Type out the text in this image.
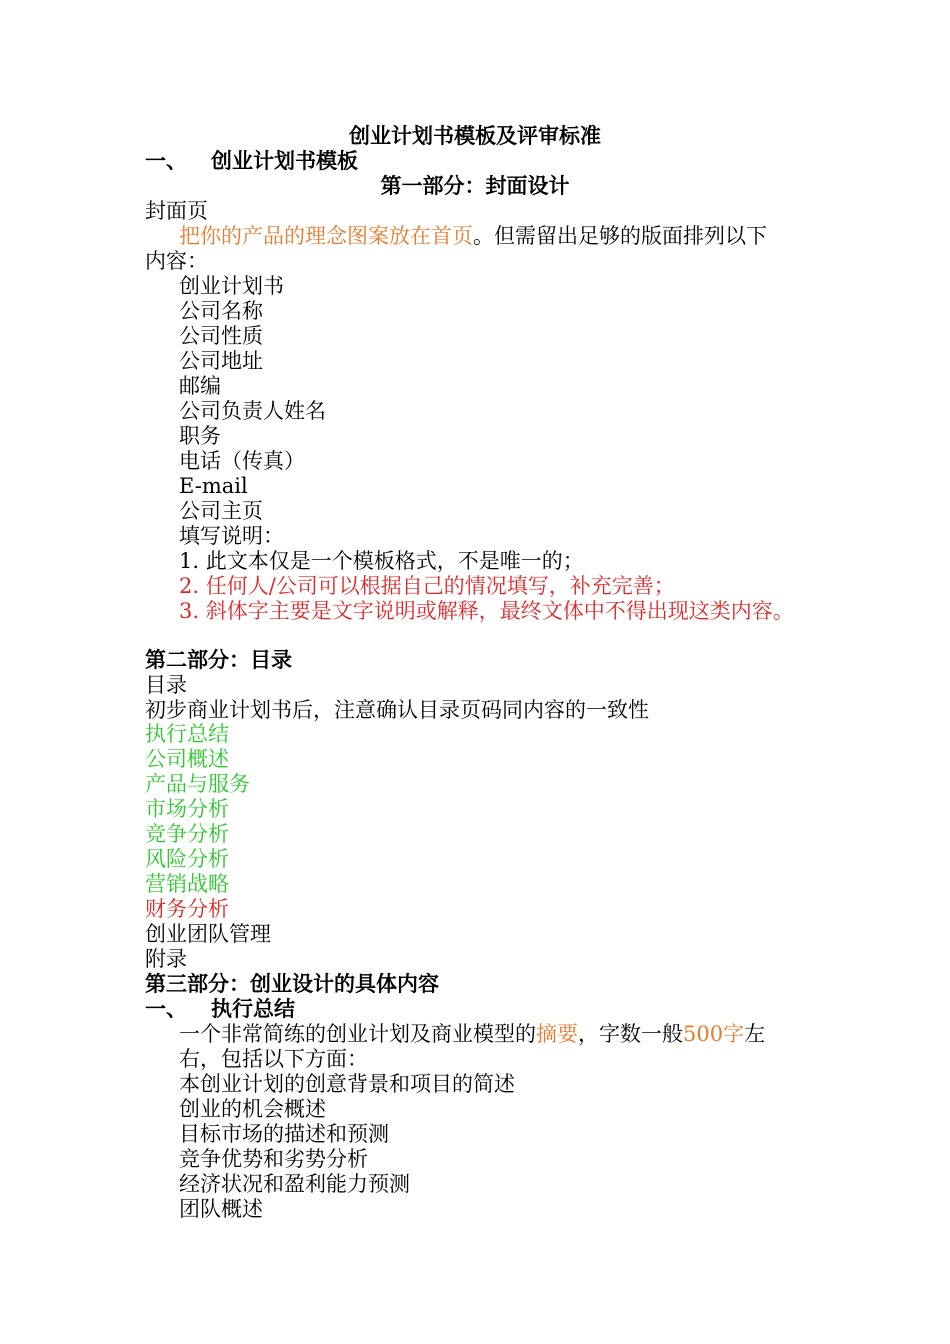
创业计划书模板及评审标准
一、 创业计划书模板
第一部分：封面设计
封面页
把你的产品的理念图案放在首页。但需留出足够的版面排列以下
内容：
创业计划书
公司名称
公司性质
公司地址
邮编
公司负责人姓名
职务
电话（传真）
E-mail
公司主页
填写说明：
1. 此文本仅是一个模板格式，不是唯一的；
2. 任何人/公司可以根据自己的情况填写，补充完善；
3. 斜体字主要是文字说明或解释，最终文体中不得出现这类内容。
第二部分：目录
目录
初步商业计划书后，注意确认目录页码同内容的一致性
执行总结
公司概述
产品与服务
市场分析
竞争分析
风险分析
营销战略
财务分析
创业团队管理
附录
第三部分：创业设计的具体内容
一、 执行总结
一个非常简练的创业计划及商业模型的摘要，字数一般500字左
右，包括以下方面：
本创业计划的创意背景和项目的简述
创业的机会概述
目标市场的描述和预测
竞争优势和劣势分析
经济状况和盈利能力预测
团队概述
